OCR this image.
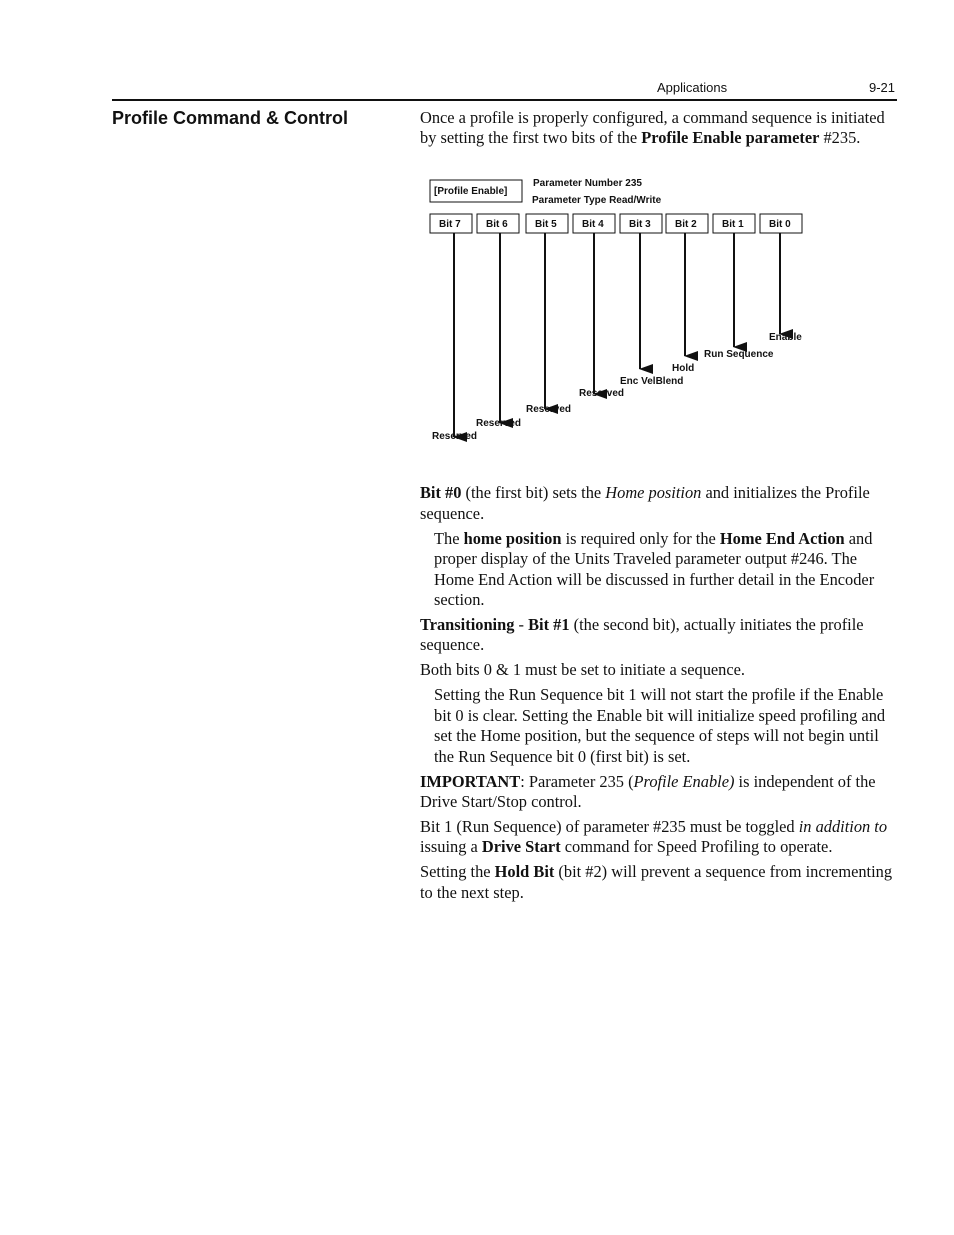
Applications	9-21
Profile Command & Control	Once a profile is properly configured, a command sequence is initiated by setting the first two bits of the Profile Enable parameter #235.

Bit #0 (the first bit) sets the Home position and initializes the Profile sequence.

The home position is required only for the Home End Action and proper display of the Units Traveled parameter output #246. The Home End Action will be discussed in further detail in the Encoder section.

Transitioning - Bit #1 (the second bit), actually initiates the profile sequence.

Both bits 0 & 1 must be set to initiate a sequence.

Setting the Run Sequence bit 1 will not start the profile if the Enable bit 0 is clear. Setting the Enable bit will initialize speed profiling and set the Home position, but the sequence of steps will not begin until the Run Sequence bit 0 (first bit) is set.

IMPORTANT: Parameter 235 (Profile Enable) is independent of the Drive Start/Stop control.

Bit 1 (Run Sequence) of parameter #235 must be toggled in addition to issuing a Drive Start command for Speed Profiling to operate.

Setting the Hold Bit (bit #2) will prevent a sequence from incrementing to the next step.

[Profile Enable]
Parameter Number 235
Parameter Type Read/Write
Bit 7	Bit 6	Bit 5	Bit 4	Bit 3 Bit 2	Bit 1	Bit 0
Reserved
Reserved
Reserved
Reserved
Enc VelBlend
Hold
Run Sequence
Enable
